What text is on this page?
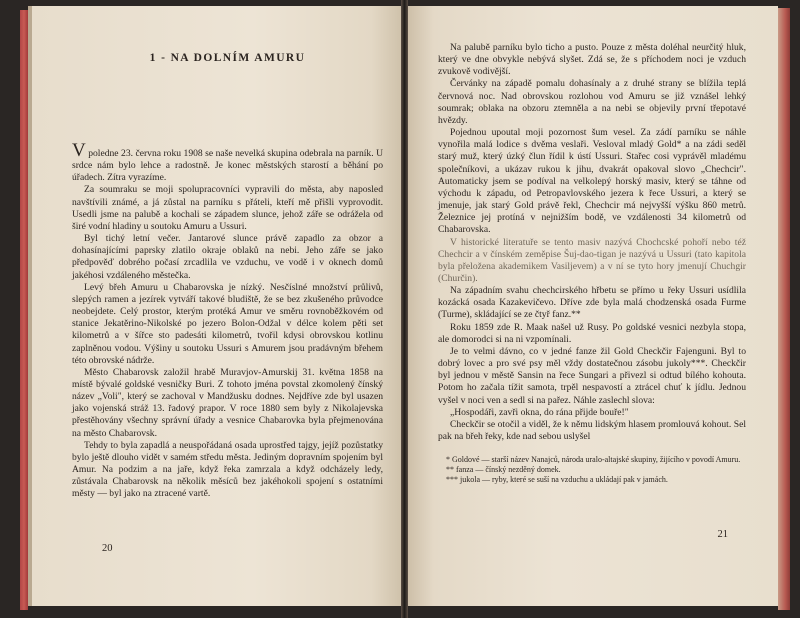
1 - NA DOLNÍM AMURU

V poledne 23. června roku 1908 se naše nevelká skupina odebrala na parník. U srdce nám bylo lehce a radostně. Je konec městských starostí a běhání po úřadech. Zítra vyrazíme.

Za soumraku se moji spolupracovníci vypravili do města, aby naposled navštívili známé, a já zůstal na parníku s přáteli, kteří mě přišli vyprovodit. Usedli jsme na palubě a kochali se západem slunce, jehož záře se odrážela od širé vodní hladiny u soutoku Amuru a Ussuri.

Byl tichý letní večer. Jantarové slunce právě zapadlo za obzor a dohasínajícími paprsky zlatilo okraje oblaků na nebi. Jeho záře se jako předpověď dobrého počasí zrcadlila ve vzduchu, ve vodě i v oknech domů jakéhosi vzdáleného městečka.

Levý břeh Amuru u Chabarovska je nízký. Nesčíslné množství průlivů, slepých ramen a jezírek vytváří takové bludiště, že se bez zkušeného průvodce neobejdete. Celý prostor, kterým protéká Amur ve směru rovnoběžkovém od stanice Jekatěrino-Nikolské po jezero Bolon-Odžal v délce kolem pěti set kilometrů a v šířce sto padesáti kilometrů, tvořil kdysi obrovskou kotlinu zaplněnou vodou. Výšiny u soutoku Ussuri s Amurem jsou pradávným břehem této obrovské nádrže.

Město Chabarovsk založil hrabě Muravjov-Amurskij 31. května 1858 na místě bývalé goldské vesničky Buri. Z tohoto jména povstal zkomolený čínský název „Voli", který se zachoval v Mandžusku dodnes. Nejdříve zde byl usazen jako vojenská stráž 13. řadový prapor. V roce 1880 sem byly z Nikolajevska přestěhovány všechny správní úřady a vesnice Chabarovka byla přejmenována na město Chabarovsk.

Tehdy to byla zapadlá a neuspořádaná osada uprostřed tajgy, jejíž pozůstatky bylo ještě dlouho vidět v samém středu města. Jediným dopravním spojením byl Amur. Na podzim a na jaře, když řeka zamrzala a když odcházely ledy, zůstávala Chabarovsk na několik měsíců bez jakéhokoli spojení s ostatními městy — byl jako na ztracené vartě.

20

Na palubě parníku bylo ticho a pusto. Pouze z města doléhal neurčitý hluk, který ve dne obvykle nebývá slyšet. Zdá se, že s příchodem noci je vzduch zvukově vodivější.

Červánky na západě pomalu dohasínaly a z druhé strany se blížila teplá červnová noc. Nad obrovskou rozlohou vod Amuru se již vznášel lehký soumrak; oblaka na obzoru ztemněla a na nebi se objevily první třepotavé hvězdy.

Pojednou upoutal moji pozornost šum vesel. Za zádí parníku se náhle vynořila malá lodice s dvěma veslaři. Vesloval mladý Gold* a na zádi seděl starý muž, který úzký člun řídil k ústí Ussuri. Stařec cosi vyprávěl mladému společníkovi, a ukázav rukou k jihu, dvakrát opakoval slovo „Chechcir". Automaticky jsem se podíval na velkolepý horský masiv, který se táhne od východu k západu, od Petropavlovského jezera k řece Ussuri, a který se jmenuje, jak starý Gold právě řekl, Chechcir má nejvyšší výšku 860 metrů. Železnice jej protíná v nejnižším bodě, ve vzdálenosti 34 kilometrů od Chabarovska.

V historické literatuře se tento masiv nazývá Chochcské pohoří nebo též Chechcir a v čínském zeměpise Šuj-dao-tigan je nazývá u Ussuri (tato kapitola byla přeložena akademikem Vasiljevem) a v ní se tyto hory jmenují Chuchgir (Churčin).

Na západním svahu chechcirského hřbetu se přímo u řeky Ussuri usídlila kozácká osada Kazakevičevo. Dříve zde byla malá chodzenská osada Furme (Turme), skládající se ze čtyř fanz.**

Roku 1859 zde R. Maak našel už Rusy. Po goldské vesnici nezbyla stopa, ale domorodci si na ni vzpomínali.

Je to velmi dávno, co v jedné fanze žil Gold Checkčir Fajenguni. Byl to dobrý lovec a pro své psy měl vždy dostatečnou zásobu jukoly***. Checkčir byl jednou v městě Sansin na řece Sungari a přivezl si odtud bílého kohouta. Potom ho začala tížit samota, trpěl nespavostí a ztrácel chuť k jídlu. Jednou vyšel v noci ven a sedl si na pařez. Náhle zaslechl slova:

„Hospodáři, zavři okna, do rána přijde bouře!"

Checkčir se otočil a viděl, že k němu lidským hlasem promlouvá kohout. Sel pak na břeh řeky, kde nad sebou uslyšel

* Goldové — starší název Nanajců, národa uralo-altajské skupiny, žijícího v povodí Amuru.
** fanza — čínský nezděný domek.
*** jukola — ryby, které se suší na vzduchu a ukládají pak v jamách.
21
